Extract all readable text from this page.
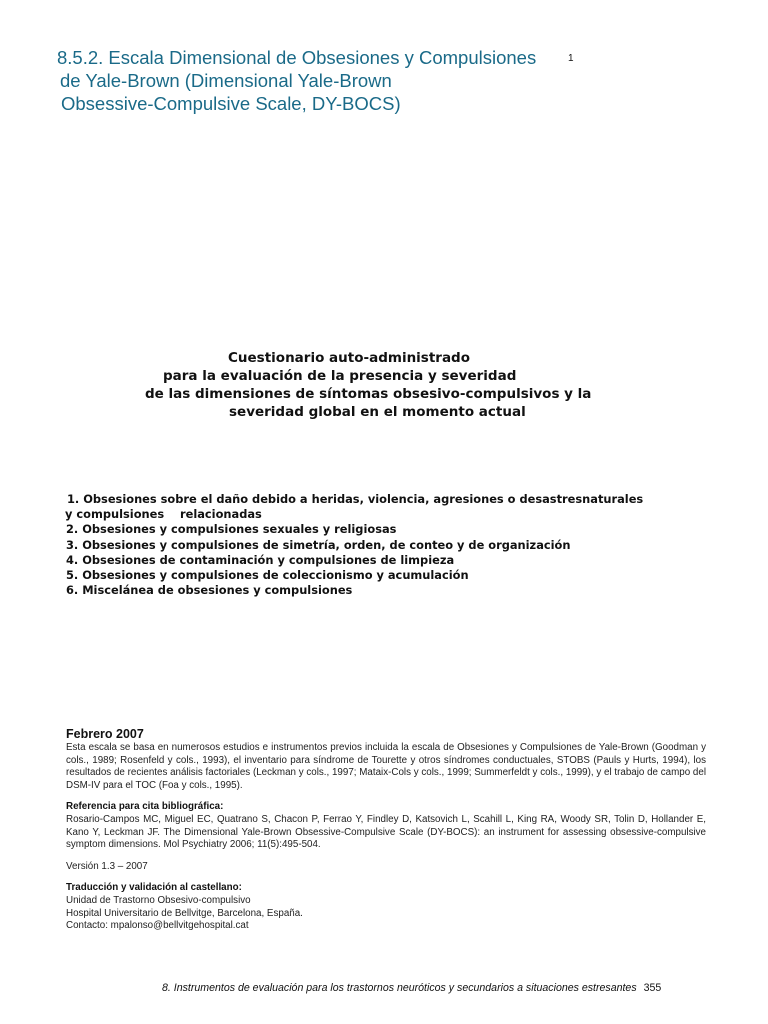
8.5.2. Escala Dimensional de Obsesiones y Compulsiones
de Yale-Brown (Dimensional Yale-Brown
Obsessive-Compulsive Scale, DY-BOCS)
1
Cuestionario auto-administrado
para la evaluación de la presencia y severidad
de las dimensiones de síntomas obsesivo-compulsivos y la
severidad global en el momento actual
1. Obsesiones sobre el daño debido a heridas, violencia, agresiones o desastresnaturales
y compulsiones    relacionadas
2. Obsesiones y compulsiones sexuales y religiosas
3. Obsesiones y compulsiones de simetría, orden, de conteo y de organización
4. Obsesiones de contaminación y compulsiones de limpieza
5. Obsesiones y compulsiones de coleccionismo y acumulación
6. Miscelánea de obsesiones y compulsiones
Febrero 2007

Esta escala se basa en numerosos estudios e instrumentos previos incluida la escala de Obsesiones y Compulsiones de Yale-Brown (Goodman y cols., 1989; Rosenfeld y cols., 1993), el inventario para síndrome de Tourette y otros síndromes conductuales, STOBS (Pauls y Hurts, 1994), los resultados de recientes análisis factoriales (Leckman y cols., 1997; Mataix-Cols y cols., 1999; Summerfeldt y cols., 1999), y el trabajo de campo del DSM-IV para el TOC (Foa y cols., 1995).

Referencia para cita bibliográfica:

Rosario-Campos MC, Miguel EC, Quatrano S, Chacon P, Ferrao Y, Findley D, Katsovich L, Scahill L, King RA, Woody SR, Tolin D, Hollander E, Kano Y, Leckman JF. The Dimensional Yale-Brown Obsessive-Compulsive Scale (DY-BOCS): an instrument for assessing obsessive-compulsive symptom dimensions. Mol Psychiatry 2006; 11(5):495-504.

Versión 1.3 – 2007
Traducción y validación al castellano:
Unidad de Trastorno Obsesivo-compulsivo
Hospital Universitario de Bellvitge, Barcelona, España.
Contacto: mpalonso@bellvitgehospital.cat
8. Instrumentos de evaluación para los trastornos neuróticos y secundarios a situaciones estresantes 355
